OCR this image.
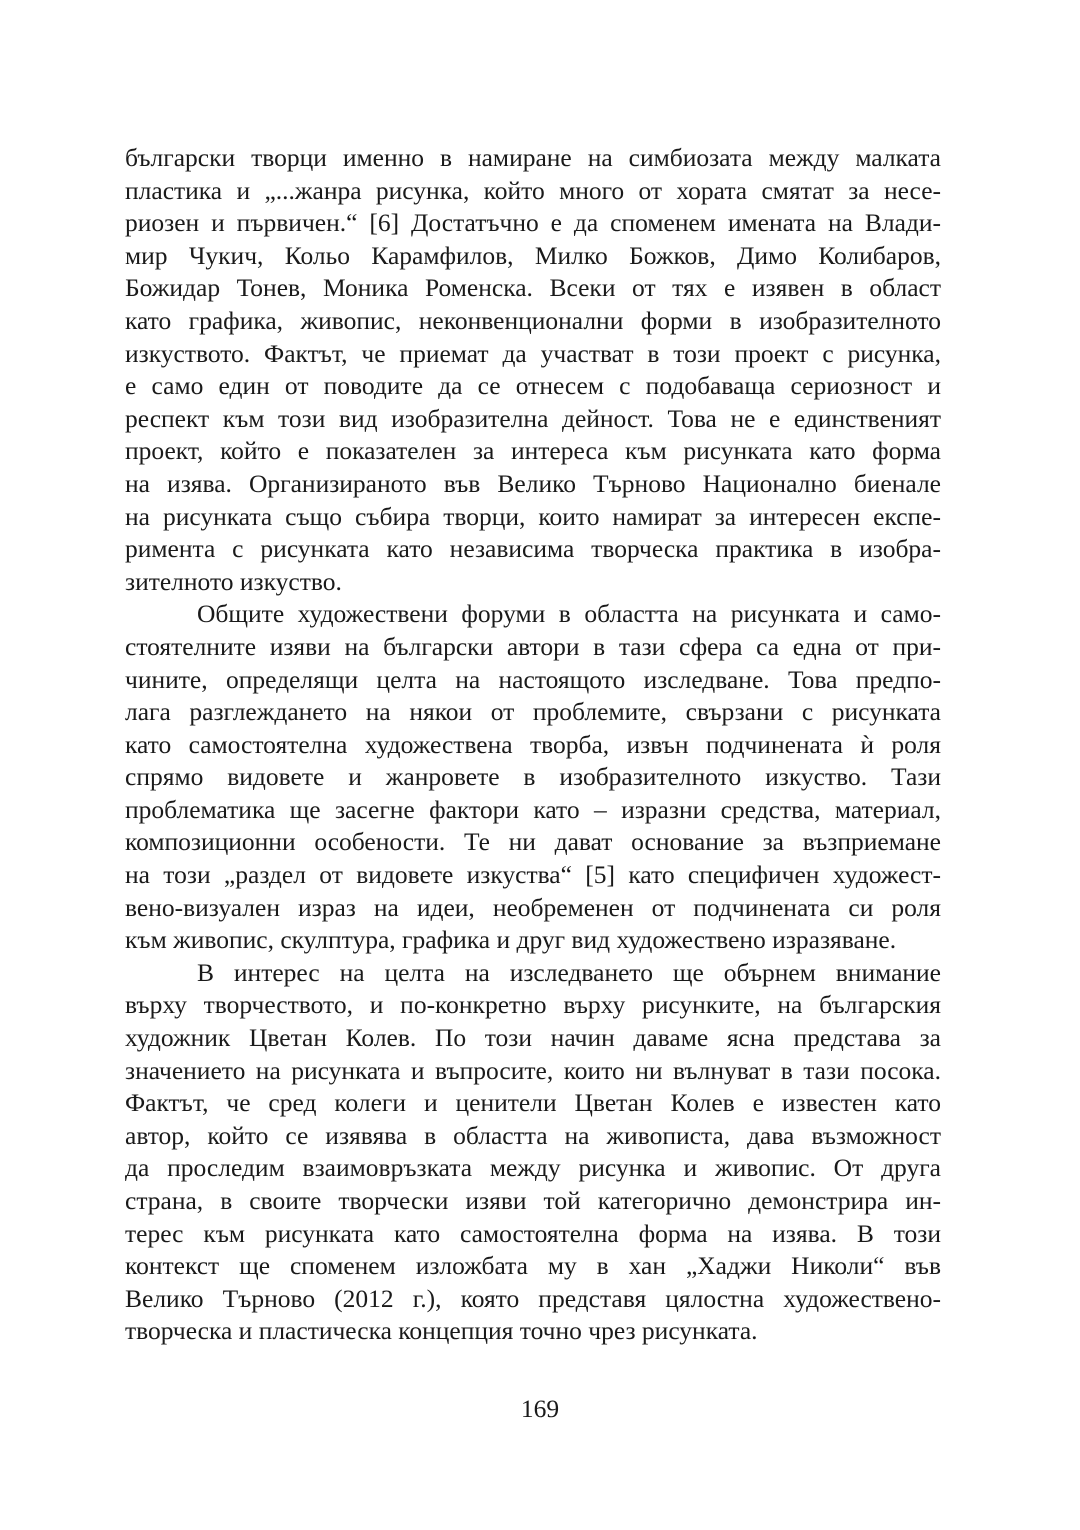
български творци именно в намиране на симбиозата между малката
пластика и „...жанра рисунка, който много от хората смятат за несе-
риозен и първичен.“ [6] Достатъчно е да споменем имената на Влади-
мир Чукич, Кольо Карамфилов, Милко Божков, Димо Колибаров,
Божидар Тонев, Моника Роменска. Всеки от тях е изявен в област
като графика, живопис, неконвенционални форми в изобразителното
изкуството. Фактът, че приемат да участват в този проект с рисунка,
е само един от поводите да се отнесем с подобаваща сериозност и
респект към този вид изобразителна дейност. Това не е единственият
проект, който е показателен за интереса към рисунката като форма
на изява. Организираното във Велико Търново Национално биенале
на рисунката също събира творци, които намират за интересен експе-
римента с рисунката като независима творческа практика в изобра-
зителното изкуство.
Общите художествени форуми в областта на рисунката и само-
стоятелните изяви на български автори в тази сфера са една от при-
чините, определящи целта на настоящото изследване. Това предпо-
лага разглеждането на някои от проблемите, свързани с рисунката
като самостоятелна художествена творба, извън подчинената ѝ роля
спрямо видовете и жанровете в изобразителното изкуство. Тази
проблематика ще засегне фактори като – изразни средства, материал,
композиционни особености. Те ни дават основание за възприемане
на този „раздел от видовете изкуства“ [5] като специфичен художест-
вено-визуален израз на идеи, необременен от подчинената си роля
към живопис, скулптура, графика и друг вид художествено изразяване.
В интерес на целта на изследването ще обърнем внимание
върху творчеството, и по-конкретно върху рисунките, на българския
художник Цветан Колев. По този начин даваме ясна представа за
значението на рисунката и въпросите, които ни вълнуват в тази посока.
Фактът, че сред колеги и ценители Цветан Колев е известен като
автор, който се изявява в областта на живописта, дава възможност
да проследим взаимовръзката между рисунка и живопис. От друга
страна, в своите творчески изяви той категорично демонстрира ин-
терес към рисунката като самостоятелна форма на изява. В този
контекст ще споменем изложбата му в хан „Хаджи Николи“ във
Велико Търново (2012 г.), която представя цялостна художествено-
творческа и пластическа концепция точно чрез рисунката.
169
